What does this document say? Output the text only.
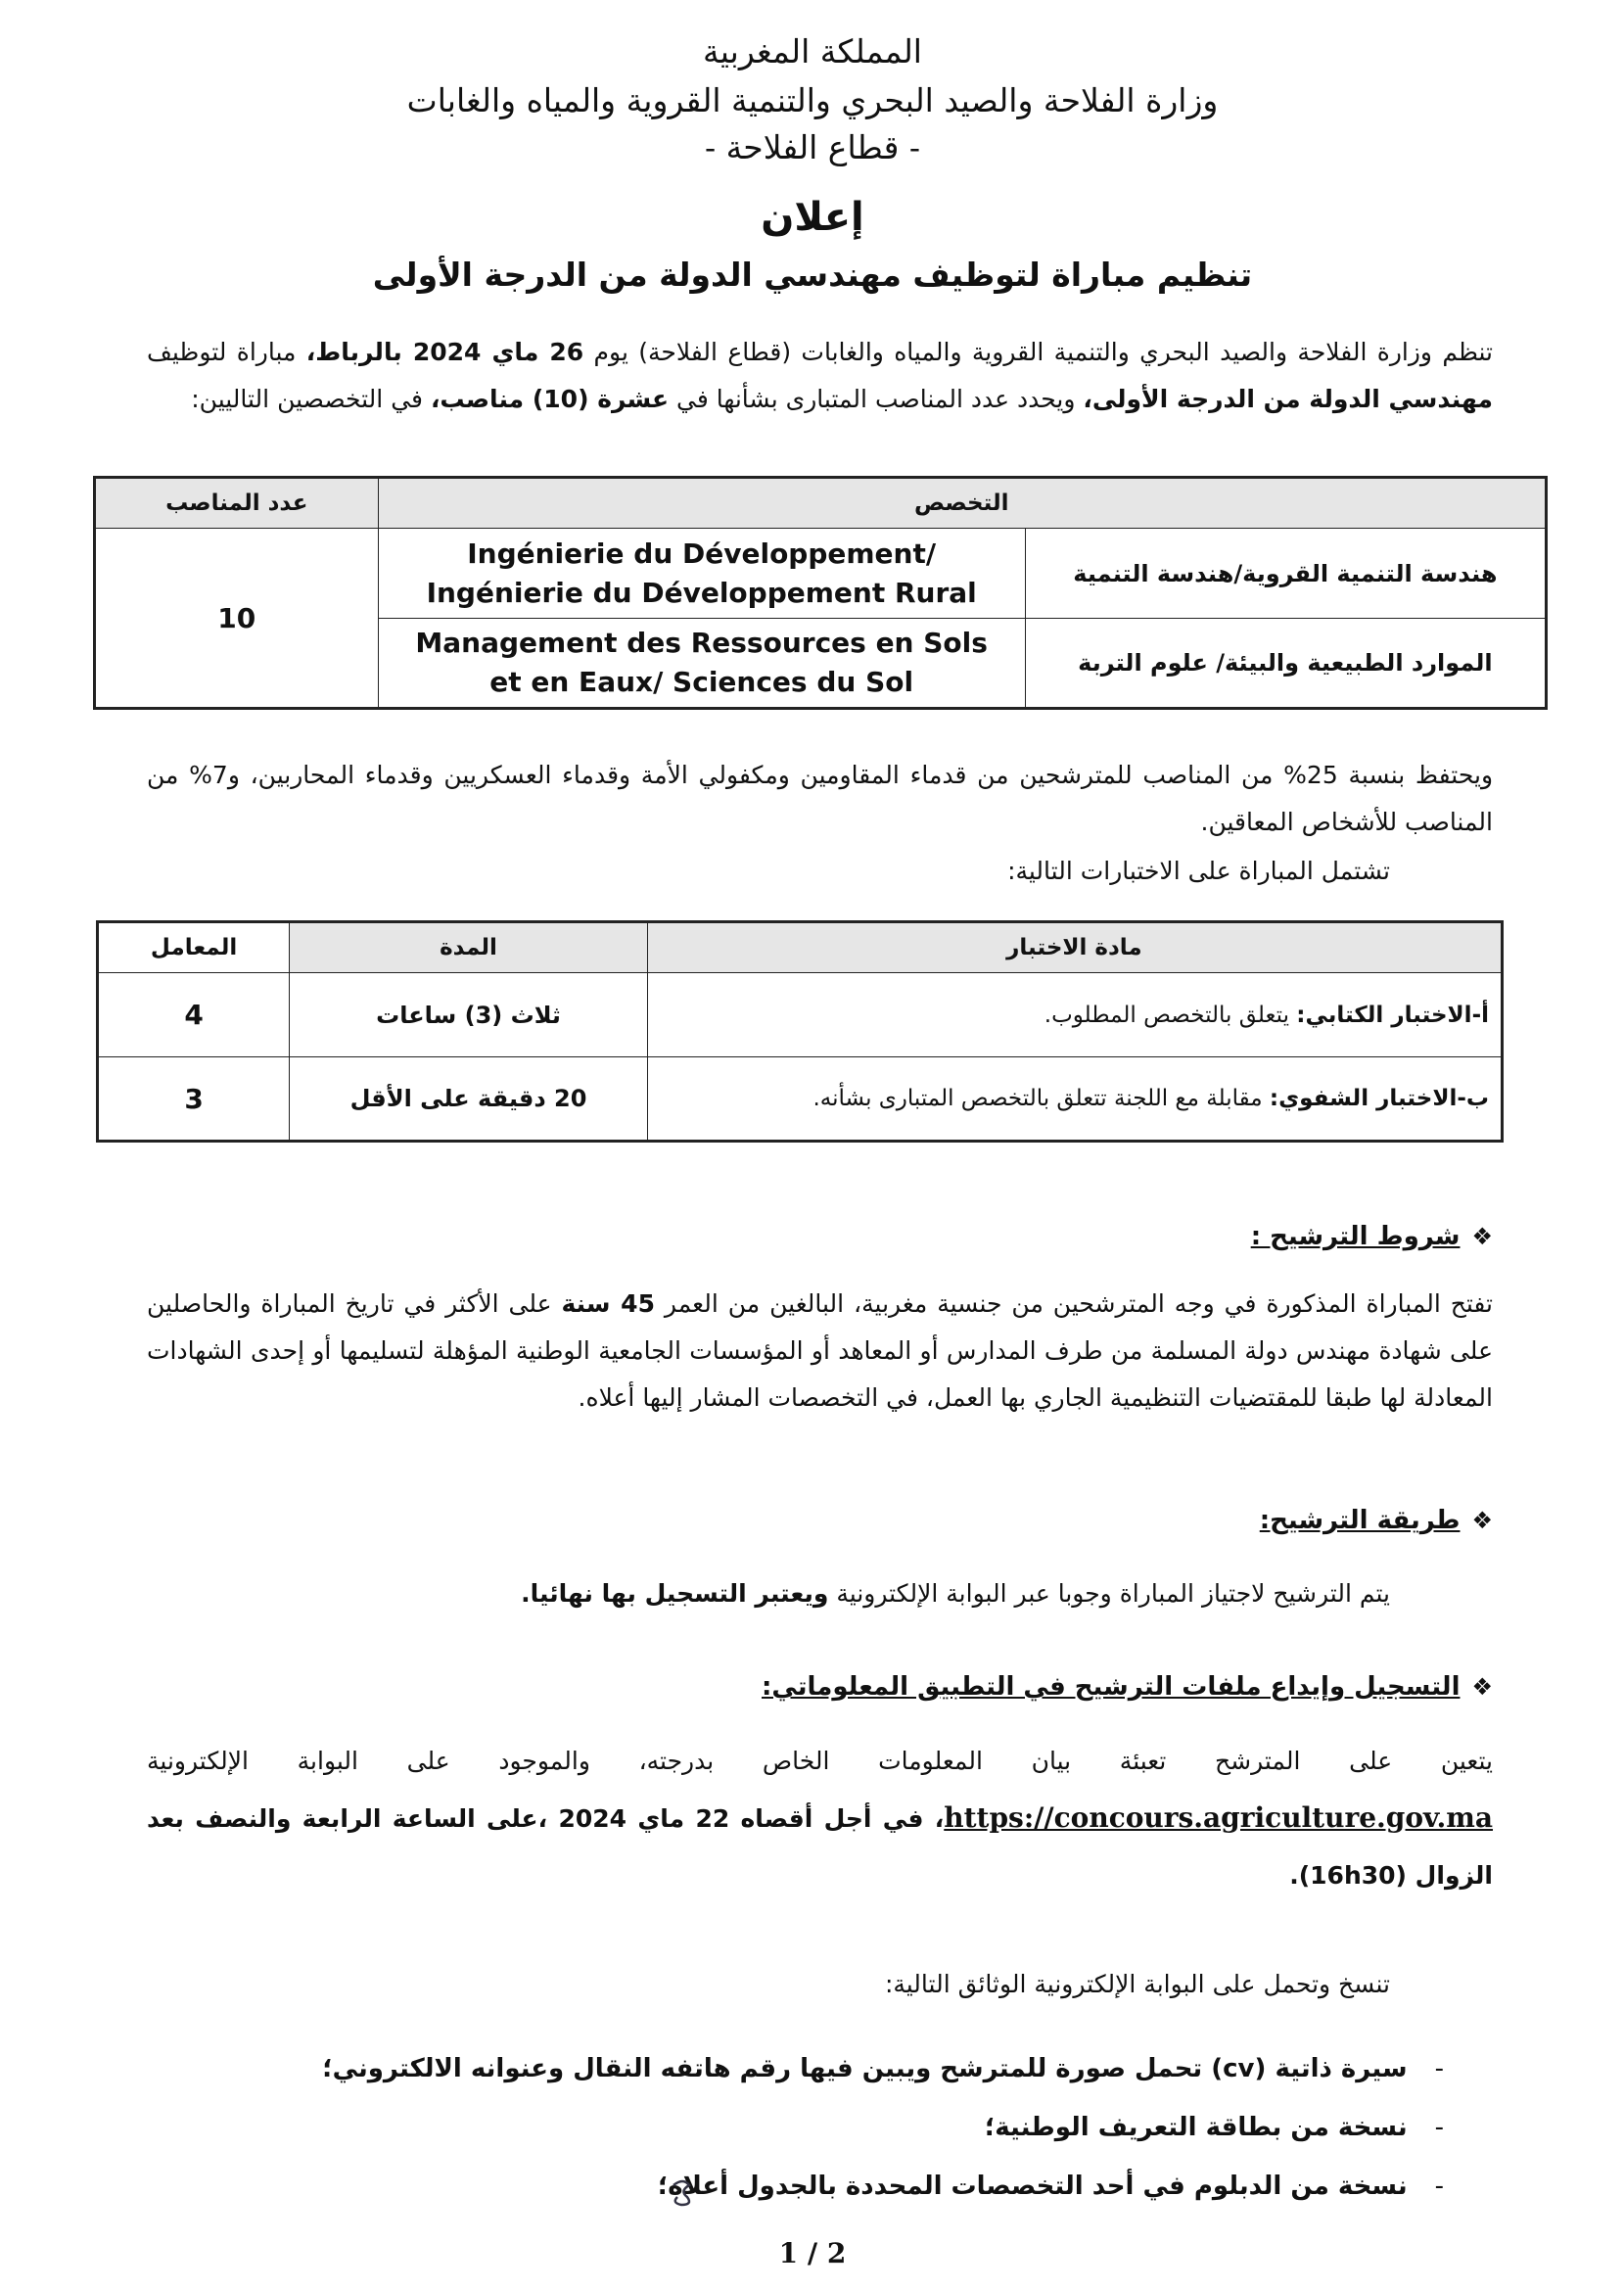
المملكة المغربية
وزارة الفلاحة والصيد البحري والتنمية القروية والمياه والغابات
- قطاع الفلاحة -
إعلان
تنظيم مباراة لتوظيف مهندسي الدولة من الدرجة الأولى
تنظم وزارة الفلاحة والصيد البحري والتنمية القروية والمياه والغابات (قطاع الفلاحة) يوم 26 ماي 2024 بالرباط، مباراة لتوظيف مهندسي الدولة من الدرجة الأولى، ويحدد عدد المناصب المتبارى بشأنها في عشرة (10) مناصب، في التخصصين التاليين:
التخصص		عدد المناصب
هندسة التنمية القروية/هندسة التنمية	Ingénierie du Développement/ Ingénierie du Développement Rural	10
الموارد الطبيعية والبيئة/ علوم التربة	Management des Ressources en Sols et en Eaux/ Sciences du Sol	
ويحتفظ بنسبة 25% من المناصب للمترشحين من قدماء المقاومين ومكفولي الأمة وقدماء العسكريين وقدماء المحاربين، و7% من المناصب للأشخاص المعاقين.
تشتمل المباراة على الاختبارات التالية:
مادة الاختبار	المدة	المعامل
أ-الاختبار الكتابي: يتعلق بالتخصص المطلوب.	ثلاث (3) ساعات	4
ب-الاختبار الشفوي: مقابلة مع اللجنة تتعلق بالتخصص المتبارى بشأنه.	20 دقيقة على الأقل	3
❖شروط الترشيح :
تفتح المباراة المذكورة في وجه المترشحين من جنسية مغربية، البالغين من العمر 45 سنة على الأكثر في تاريخ المباراة والحاصلين على شهادة مهندس دولة المسلمة من طرف المدارس أو المعاهد أو المؤسسات الجامعية الوطنية المؤهلة لتسليمها أو إحدى الشهادات المعادلة لها طبقا للمقتضيات التنظيمية الجاري بها العمل، في التخصصات المشار إليها أعلاه.
❖طريقة الترشيح:
يتم الترشيح لاجتياز المباراة وجوبا عبر البوابة الإلكترونية ويعتبر التسجيل بها نهائيا.
❖التسجيل وإيداع ملفات الترشيح في التطبيق المعلوماتي:
يتعين على المترشح تعبئة بيان المعلومات الخاص بدرجته، والموجود على البوابة الإلكترونية https://concours.agriculture.gov.ma، في أجل أقصاه 22 ماي 2024 ،على الساعة الرابعة والنصف بعد الزوال (16h30).
تنسخ وتحمل على البوابة الإلكترونية الوثائق التالية:
-سيرة ذاتية (cv) تحمل صورة للمترشح ويبين فيها رقم هاتفه النقال وعنوانه الالكتروني؛
-نسخة من بطاقة التعريف الوطنية؛
-نسخة من الدبلوم في أحد التخصصات المحددة بالجدول أعلاه؛
1 / 2
